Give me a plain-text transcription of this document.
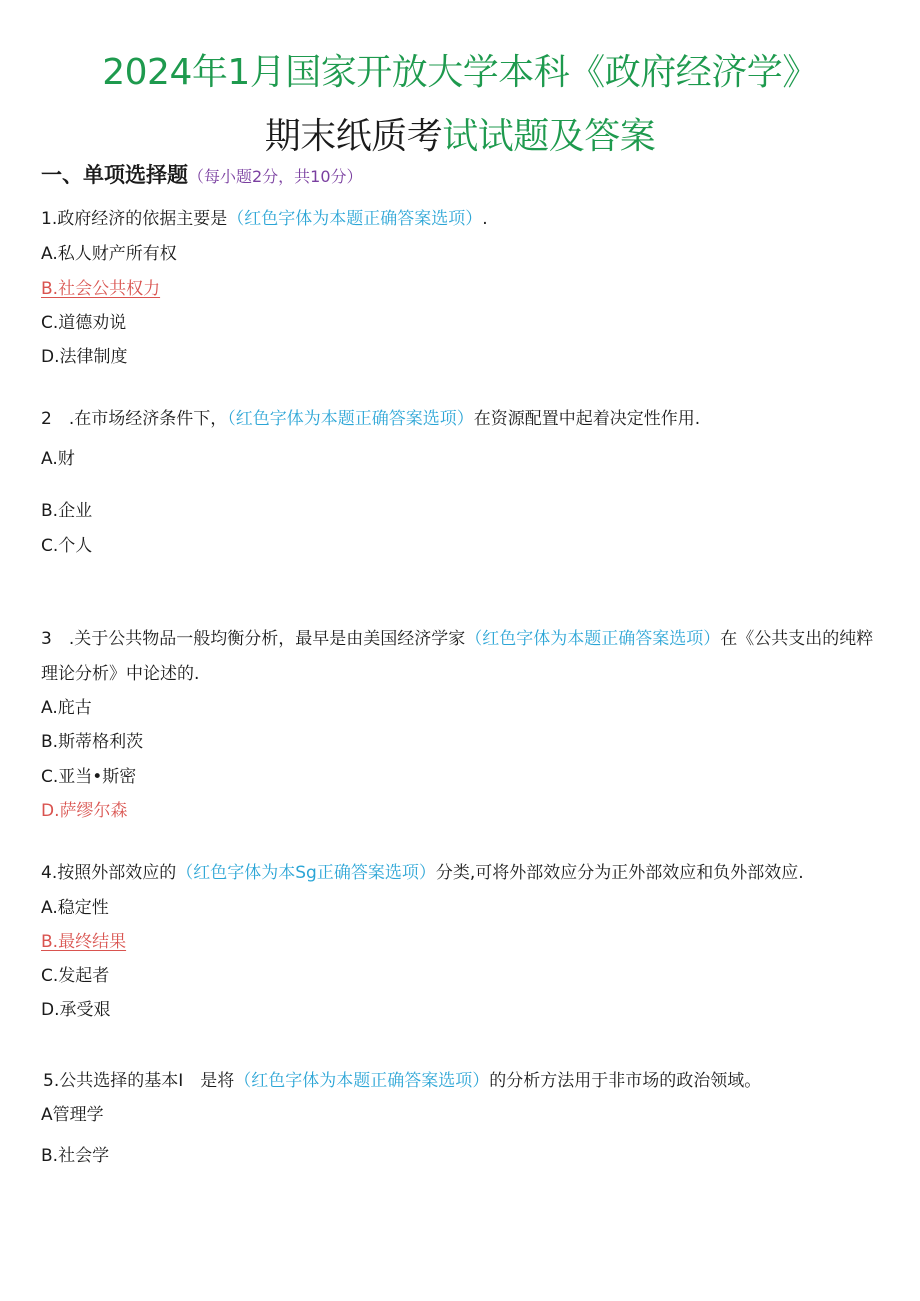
2024年1月国家开放大学本科《政府经济学》
期末纸质考试试题及答案
一、单项选择题（每小题2分，共10分）
1.政府经济的依据主要是（红色字体为本题正确答案选项）.
A.私人财产所有权
B.社会公共权力
C.道德劝说
D.法律制度
2　.在市场经济条件下，（红色字体为本题正确答案选项）在资源配置中起着决定性作用.
A.财
B.企业
C.个人
3　.关于公共物品一般均衡分析，最早是由美国经济学家（红色字体为本题正确答案选项）在《公共支出的纯粹
理论分析》中论述的.
A.庇古
B.斯蒂格利茨
C.亚当•斯密
D.萨缪尔森
4.按照外部效应的（红色字体为本Sg正确答案选项）分类,可将外部效应分为正外部效应和负外部效应.
A.稳定性
B.最终结果
C.发起者
D.承受艰
5.公共选择的基本I　是将（红色字体为本题正确答案选项）的分析方法用于非市场的政治领域。
A管理学
B.社会学
